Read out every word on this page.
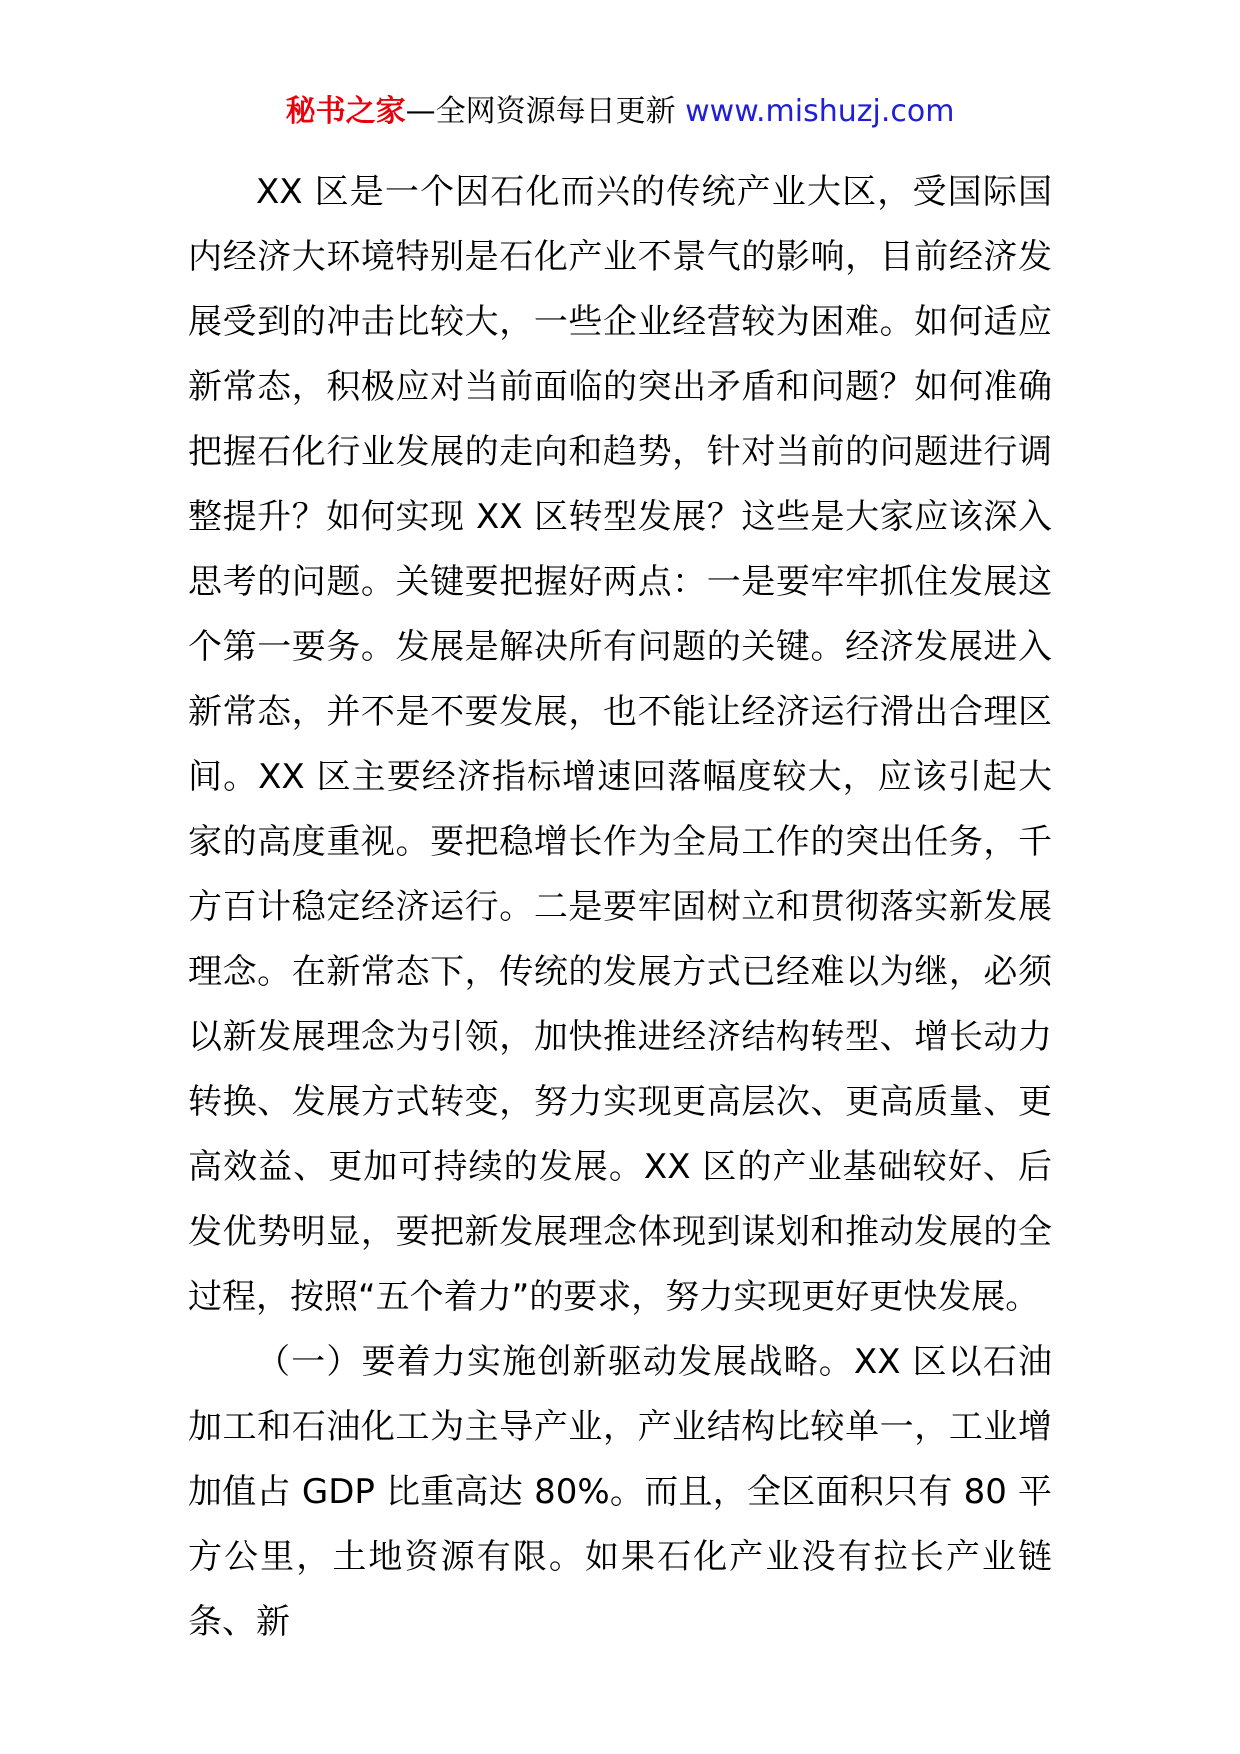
秘书之家—全网资源每日更新 www.mishuzj.com

XX 区是一个因石化而兴的传统产业大区，受国际国内经济大环境特别是石化产业不景气的影响，目前经济发展受到的冲击比较大，一些企业经营较为困难。如何适应新常态，积极应对当前面临的突出矛盾和问题？如何准确把握石化行业发展的走向和趋势，针对当前的问题进行调整提升？如何实现 XX 区转型发展？这些是大家应该深入思考的问题。关键要把握好两点：一是要牢牢抓住发展这个第一要务。发展是解决所有问题的关键。经济发展进入新常态，并不是不要发展，也不能让经济运行滑出合理区间。XX 区主要经济指标增速回落幅度较大，应该引起大家的高度重视。要把稳增长作为全局工作的突出任务，千方百计稳定经济运行。二是要牢固树立和贯彻落实新发展理念。在新常态下，传统的发展方式已经难以为继，必须以新发展理念为引领，加快推进经济结构转型、增长动力转换、发展方式转变，努力实现更高层次、更高质量、更高效益、更加可持续的发展。XX 区的产业基础较好、后发优势明显，要把新发展理念体现到谋划和推动发展的全过程，按照“五个着力”的要求，努力实现更好更快发展。

（一）要着力实施创新驱动发展战略。XX 区以石油加工和石油化工为主导产业，产业结构比较单一，工业增加值占 GDP 比重高达 80%。而且，全区面积只有 80 平方公里，土地资源有限。如果石化产业没有拉长产业链条、新
